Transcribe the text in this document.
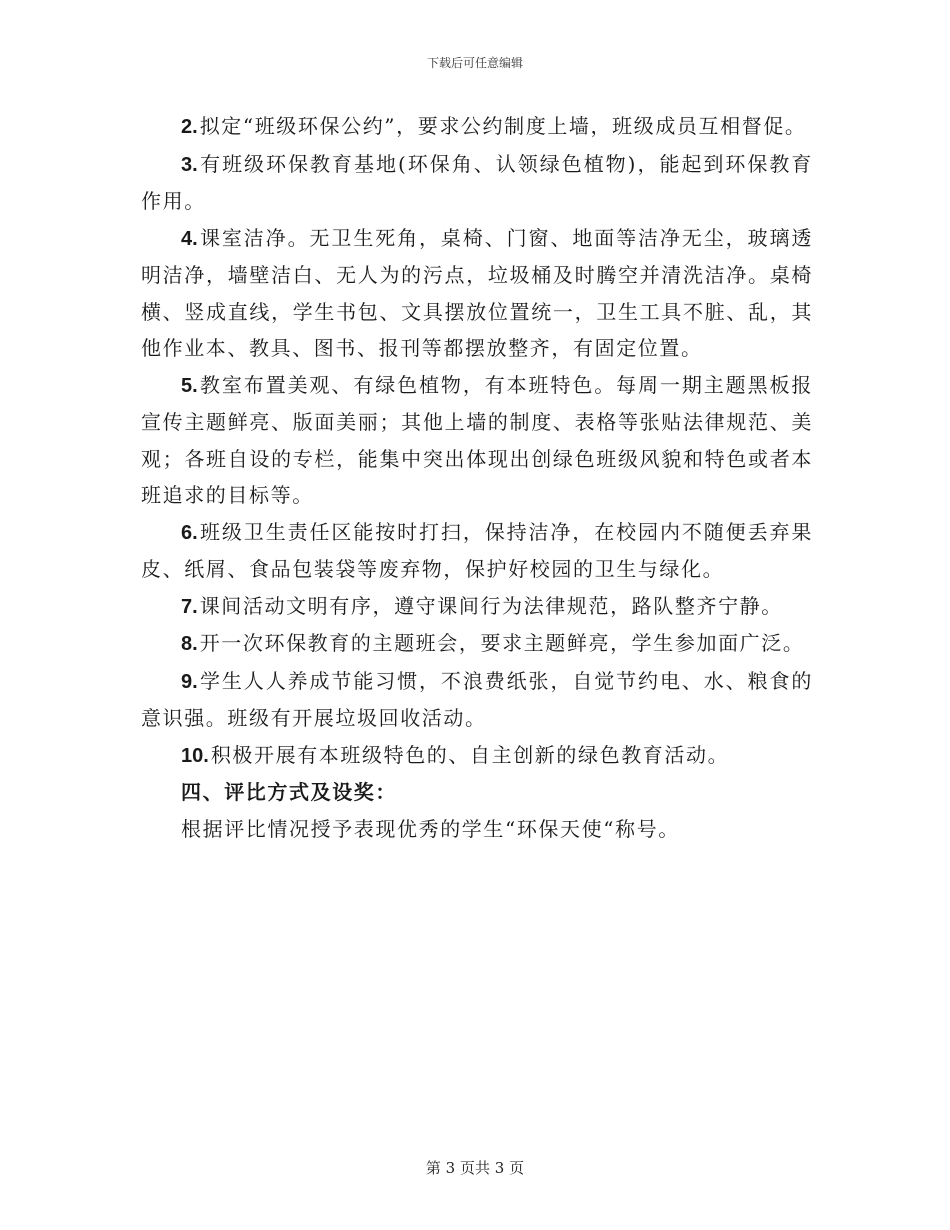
下载后可任意编辑

2. 拟定“班级环保公约”，要求公约制度上墙，班级成员互相督促。

3. 有班级环保教育基地(环保角、认领绿色植物)，能起到环保教育作用。

4. 课室洁净。无卫生死角，桌椅、门窗、地面等洁净无尘，玻璃透明洁净，墙壁洁白、无人为的污点，垃圾桶及时腾空并清洗洁净。桌椅横、竖成直线，学生书包、文具摆放位置统一，卫生工具不脏、乱，其他作业本、教具、图书、报刊等都摆放整齐，有固定位置。

5. 教室布置美观、有绿色植物，有本班特色。每周一期主题黑板报宣传主题鲜亮、版面美丽；其他上墙的制度、表格等张贴法律规范、美观；各班自设的专栏，能集中突出体现出创绿色班级风貌和特色或者本班追求的目标等。

6. 班级卫生责任区能按时打扫，保持洁净，在校园内不随便丢弃果皮、纸屑、食品包装袋等废弃物，保护好校园的卫生与绿化。

7. 课间活动文明有序，遵守课间行为法律规范，路队整齐宁静。

8. 开一次环保教育的主题班会，要求主题鲜亮，学生参加面广泛。

9. 学生人人养成节能习惯，不浪费纸张，自觉节约电、水、粮食的意识强。班级有开展垃圾回收活动。

10. 积极开展有本班级特色的、自主创新的绿色教育活动。

四、评比方式及设奖：

根据评比情况授予表现优秀的学生“环保天使“称号。

第 3 页共 3 页
